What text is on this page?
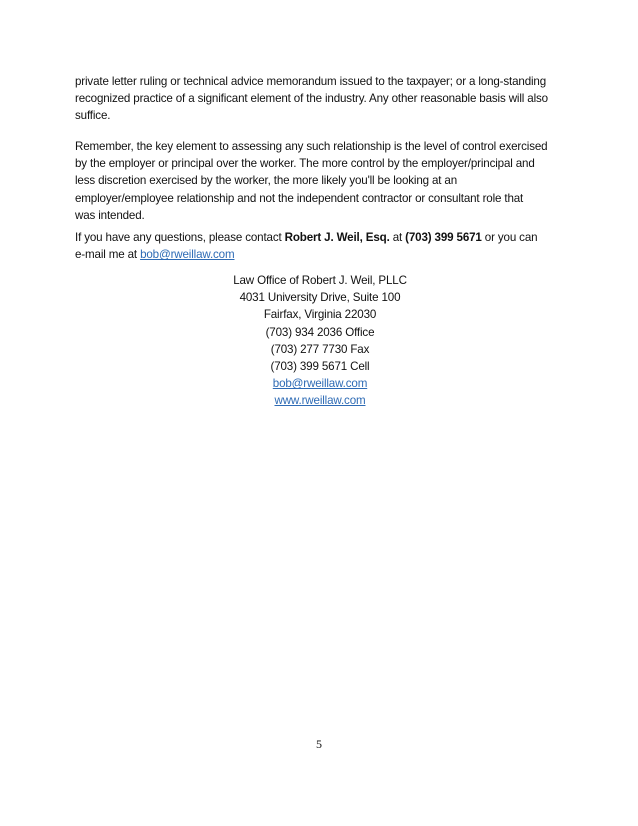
private letter ruling or technical advice memorandum issued to the taxpayer; or a long-standing
recognized practice of a significant element of the industry. Any other reasonable basis will also
suffice.
Remember, the key element to assessing any such relationship is the level of control exercised
by the employer or principal over the worker. The more control by the employer/principal and
less discretion exercised by the worker, the more likely you'll be looking at an
employer/employee relationship and not the independent contractor or consultant role that
was intended.
If you have any questions, please contact Robert J. Weil, Esq. at (703) 399 5671 or you can
e-mail me at bob@rweillaw.com
Law Office of Robert J. Weil, PLLC
4031 University Drive, Suite 100
Fairfax, Virginia 22030
(703) 934 2036 Office
(703) 277 7730 Fax
(703) 399 5671 Cell
bob@rweillaw.com
www.rweillaw.com
5
